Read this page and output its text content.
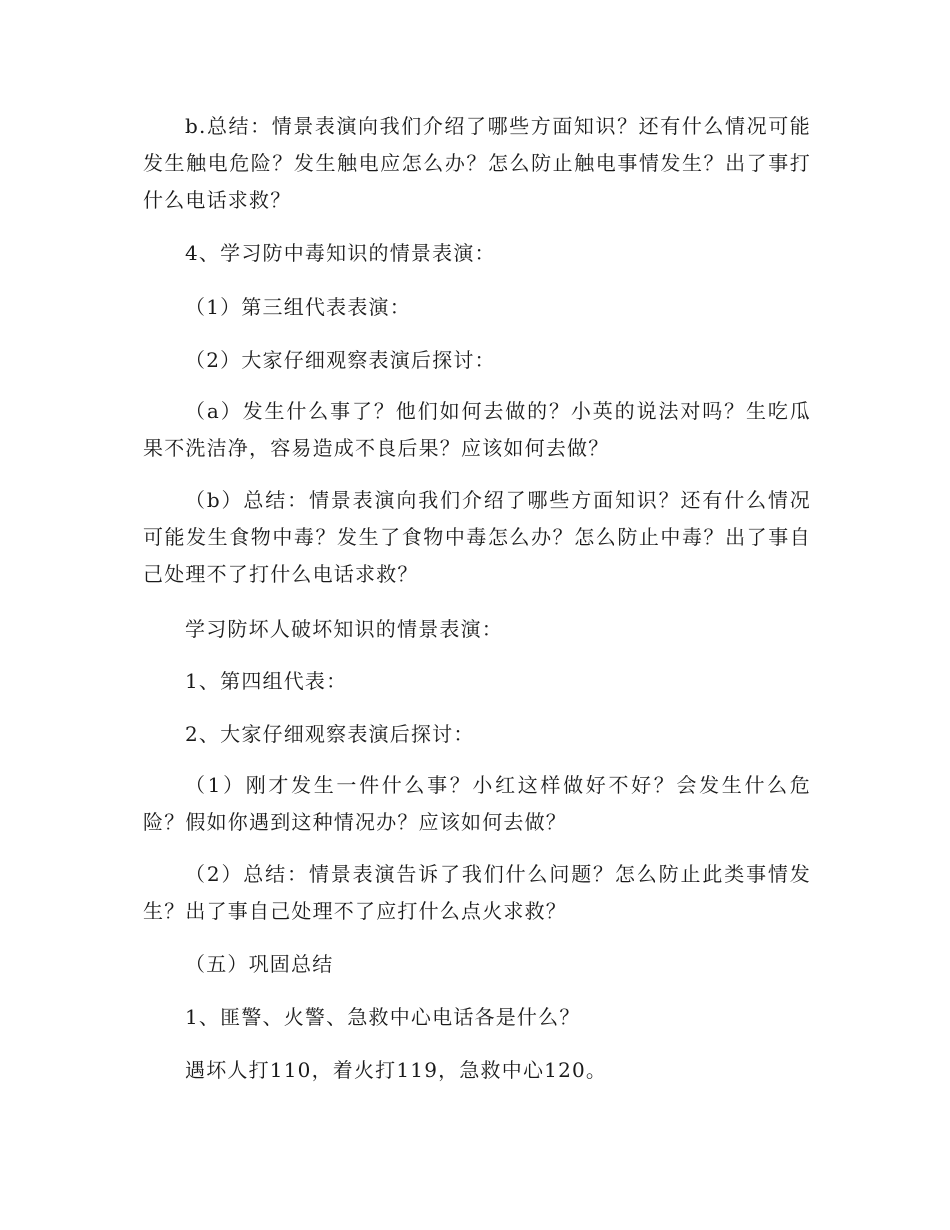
b.总结：情景表演向我们介绍了哪些方面知识？还有什么情况可能发生触电危险？发生触电应怎么办？怎么防止触电事情发生？出了事打什么电话求救？

4、学习防中毒知识的情景表演：

（1）第三组代表表演：

（2）大家仔细观察表演后探讨：

（a）发生什么事了？他们如何去做的？小英的说法对吗？生吃瓜果不洗洁净，容易造成不良后果？应该如何去做？

（b）总结：情景表演向我们介绍了哪些方面知识？还有什么情况可能发生食物中毒？发生了食物中毒怎么办？怎么防止中毒？出了事自己处理不了打什么电话求救？

学习防坏人破坏知识的情景表演：

1、第四组代表：

2、大家仔细观察表演后探讨：

（1）刚才发生一件什么事？小红这样做好不好？会发生什么危险？假如你遇到这种情况办？应该如何去做？

（2）总结：情景表演告诉了我们什么问题？怎么防止此类事情发生？出了事自己处理不了应打什么点火求救？

（五）巩固总结

1、匪警、火警、急救中心电话各是什么？

遇坏人打110，着火打119，急救中心120。
